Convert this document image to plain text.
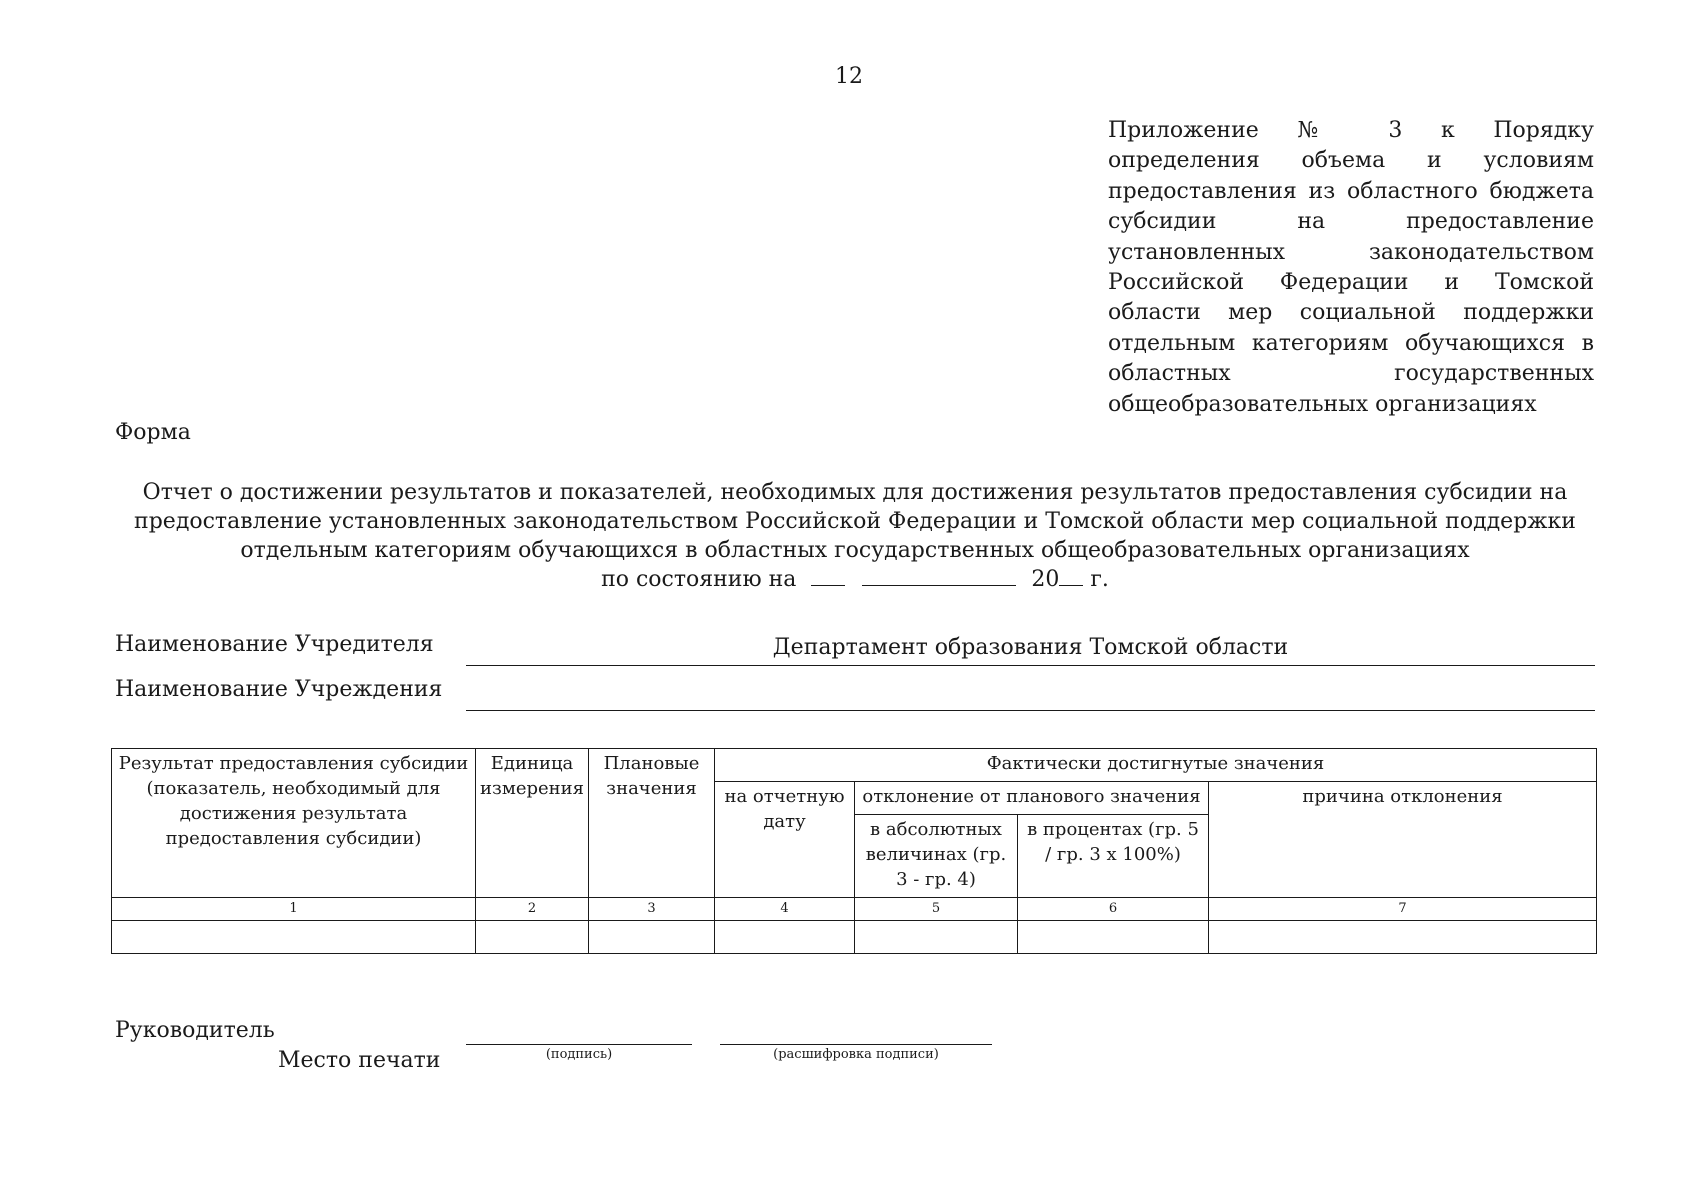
12
Приложение № 3 к Порядку определения объема и условиям предоставления из областного бюджета субсидии на предоставление установленных законодательством Российской Федерации и Томской области мер социальной поддержки отдельным категориям обучающихся в областных государственных общеобразовательных организациях
Форма
Отчет о достижении результатов и показателей, необходимых для достижения результатов предоставления субсидии на
предоставление установленных законодательством Российской Федерации и Томской области мер социальной поддержки
отдельным категориям обучающихся в областных государственных общеобразовательных организациях
по состоянию на	20 г.
Наименование Учредителя	Департамент образования Томской области
Наименование Учреждения
Результат предоставления субсидии (показатель, необходимый для достижения результата предоставления субсидии)	Единица измерения	Плановые значения	Фактически достигнутые значения			
			на отчетную дату	отклонение от планового значения		причина отклонения
				в абсолютных величинах (гр. 3 - гр. 4)	в процентах (гр. 5 / гр. 3 х 100%)	
1	2	3	4	5	6	7

Руководитель
Место печати	(подпись)	(расшифровка подписи)
